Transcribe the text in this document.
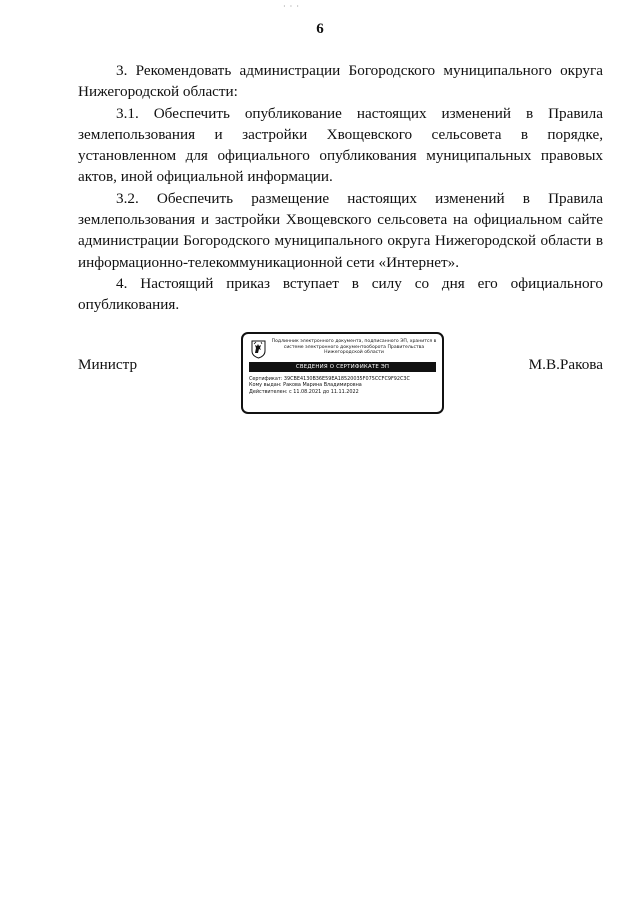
· · ·
6

3. Рекомендовать администрации Богородского муниципального округа Нижегородской области:

3.1. Обеспечить опубликование настоящих изменений в Правила землепользования и застройки Хвощевского сельсовета в порядке, установленном для официального опубликования муниципальных правовых актов, иной официальной информации.

3.2. Обеспечить размещение настоящих изменений в Правила землепользования и застройки Хвощевского сельсовета на официальном сайте администрации Богородского муниципального округа Нижегородской области в информационно-телекоммуникационной сети «Интернет».

4. Настоящий приказ вступает в силу со дня его официального опубликования.

Министр
Подлинник электронного документа, подписанного ЭП, хранится в системе электронного документооборота Правительства Нижегородской области
СВЕДЕНИЯ О СЕРТИФИКАТЕ ЭП
Сертификат: 39CBE4130B36E59EA18520035F075CCFC9F92C3C
Кому выдан: Ракова Марина Владимировна
Действителен: с 11.08.2021 до 11.11.2022
М.В.Ракова
